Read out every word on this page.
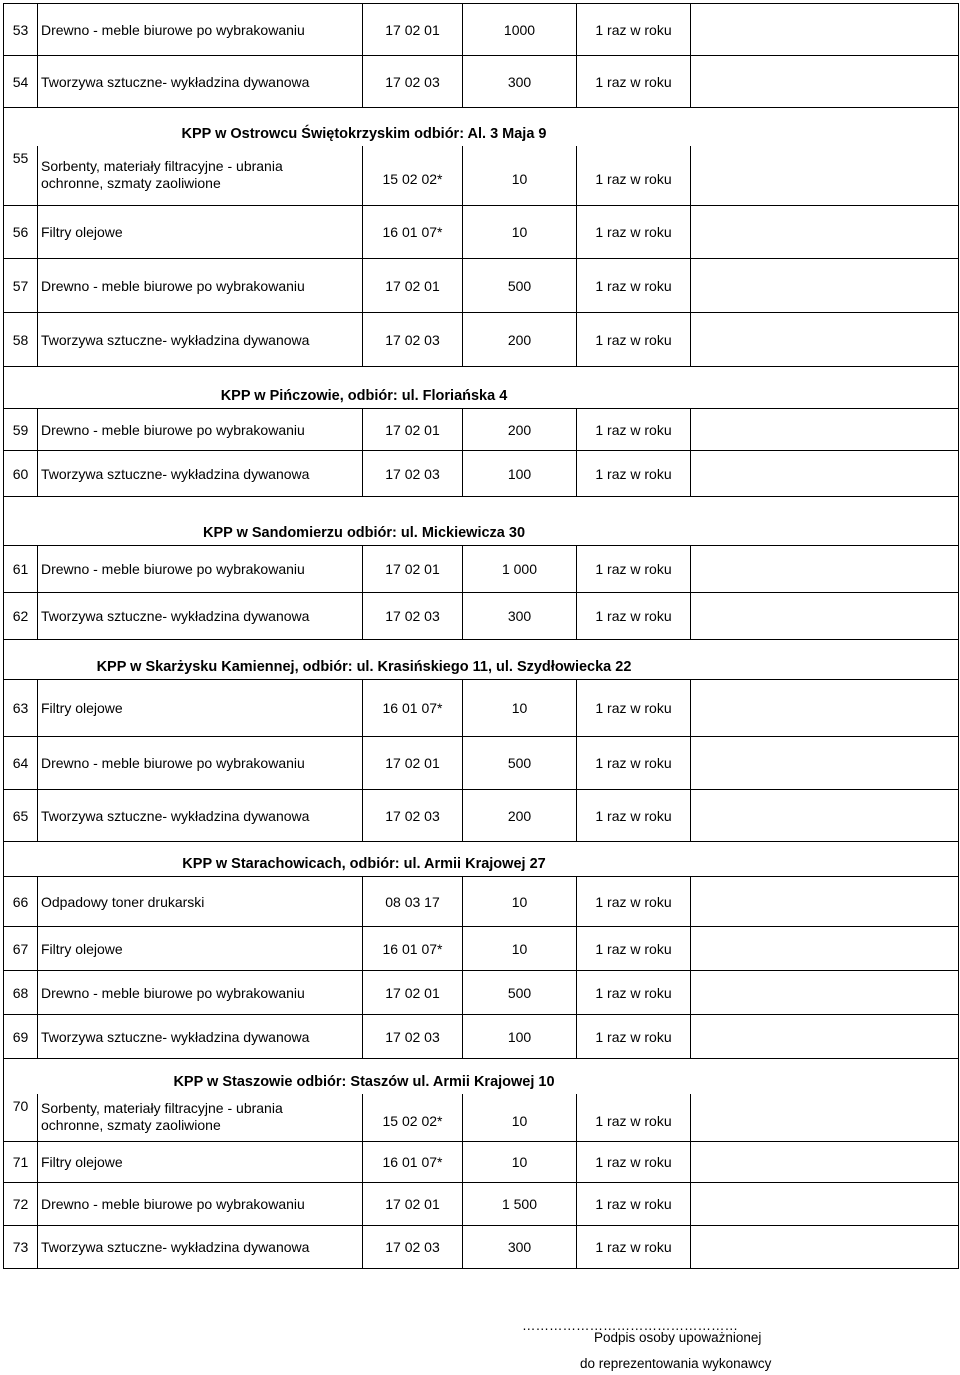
53	Drewno - meble biurowe po wybrakowaniu	17 02 01	1000	1 raz w roku	
54	Tworzywa sztuczne- wykładzina dywanowa	17 02 03	300	1 raz w roku	
	KPP w Ostrowcu Świętokrzyskim odbiór: Al. 3 Maja 9				
55	Sorbenty, materiały filtracyjne - ubrania
ochronne, szmaty zaoliwione	15 02 02*	10	1 raz w roku	
56	Filtry olejowe	16 01 07*	10	1 raz w roku	
57	Drewno - meble biurowe po wybrakowaniu	17 02 01	500	1 raz w roku	
58	Tworzywa sztuczne- wykładzina dywanowa	17 02 03	200	1 raz w roku	
	KPP w Pińczowie, odbiór: ul. Floriańska 4				
59	Drewno - meble biurowe po wybrakowaniu	17 02 01	200	1 raz w roku	
60	Tworzywa sztuczne- wykładzina dywanowa	17 02 03	100	1 raz w roku	
	KPP w Sandomierzu odbiór: ul. Mickiewicza 30				
61	Drewno - meble biurowe po wybrakowaniu	17 02 01	1 000	1 raz w roku	
62	Tworzywa sztuczne- wykładzina dywanowa	17 02 03	300	1 raz w roku	
	KPP w Skarżysku Kamiennej, odbiór: ul. Krasińskiego 11, ul. Szydłowiecka 22				
63	Filtry olejowe	16 01 07*	10	1 raz w roku	
64	Drewno - meble biurowe po wybrakowaniu	17 02 01	500	1 raz w roku	
65	Tworzywa sztuczne- wykładzina dywanowa	17 02 03	200	1 raz w roku	
	KPP w Starachowicach, odbiór: ul. Armii Krajowej 27				
66	Odpadowy toner drukarski	08 03 17	10	1 raz w roku	
67	Filtry olejowe	16 01 07*	10	1 raz w roku	
68	Drewno - meble biurowe po wybrakowaniu	17 02 01	500	1 raz w roku	
69	Tworzywa sztuczne- wykładzina dywanowa	17 02 03	100	1 raz w roku	
	KPP w Staszowie odbiór: Staszów ul. Armii Krajowej 10				
70	Sorbenty, materiały filtracyjne - ubrania
ochronne, szmaty zaoliwione	15 02 02*	10	1 raz w roku	
71	Filtry olejowe	16 01 07*	10	1 raz w roku	
72	Drewno - meble biurowe po wybrakowaniu	17 02 01	1 500	1 raz w roku	
73	Tworzywa sztuczne- wykładzina dywanowa	17 02 03	300	1 raz w roku	
…………………………………………
Podpis osoby upoważnionej
do reprezentowania wykonawcy
